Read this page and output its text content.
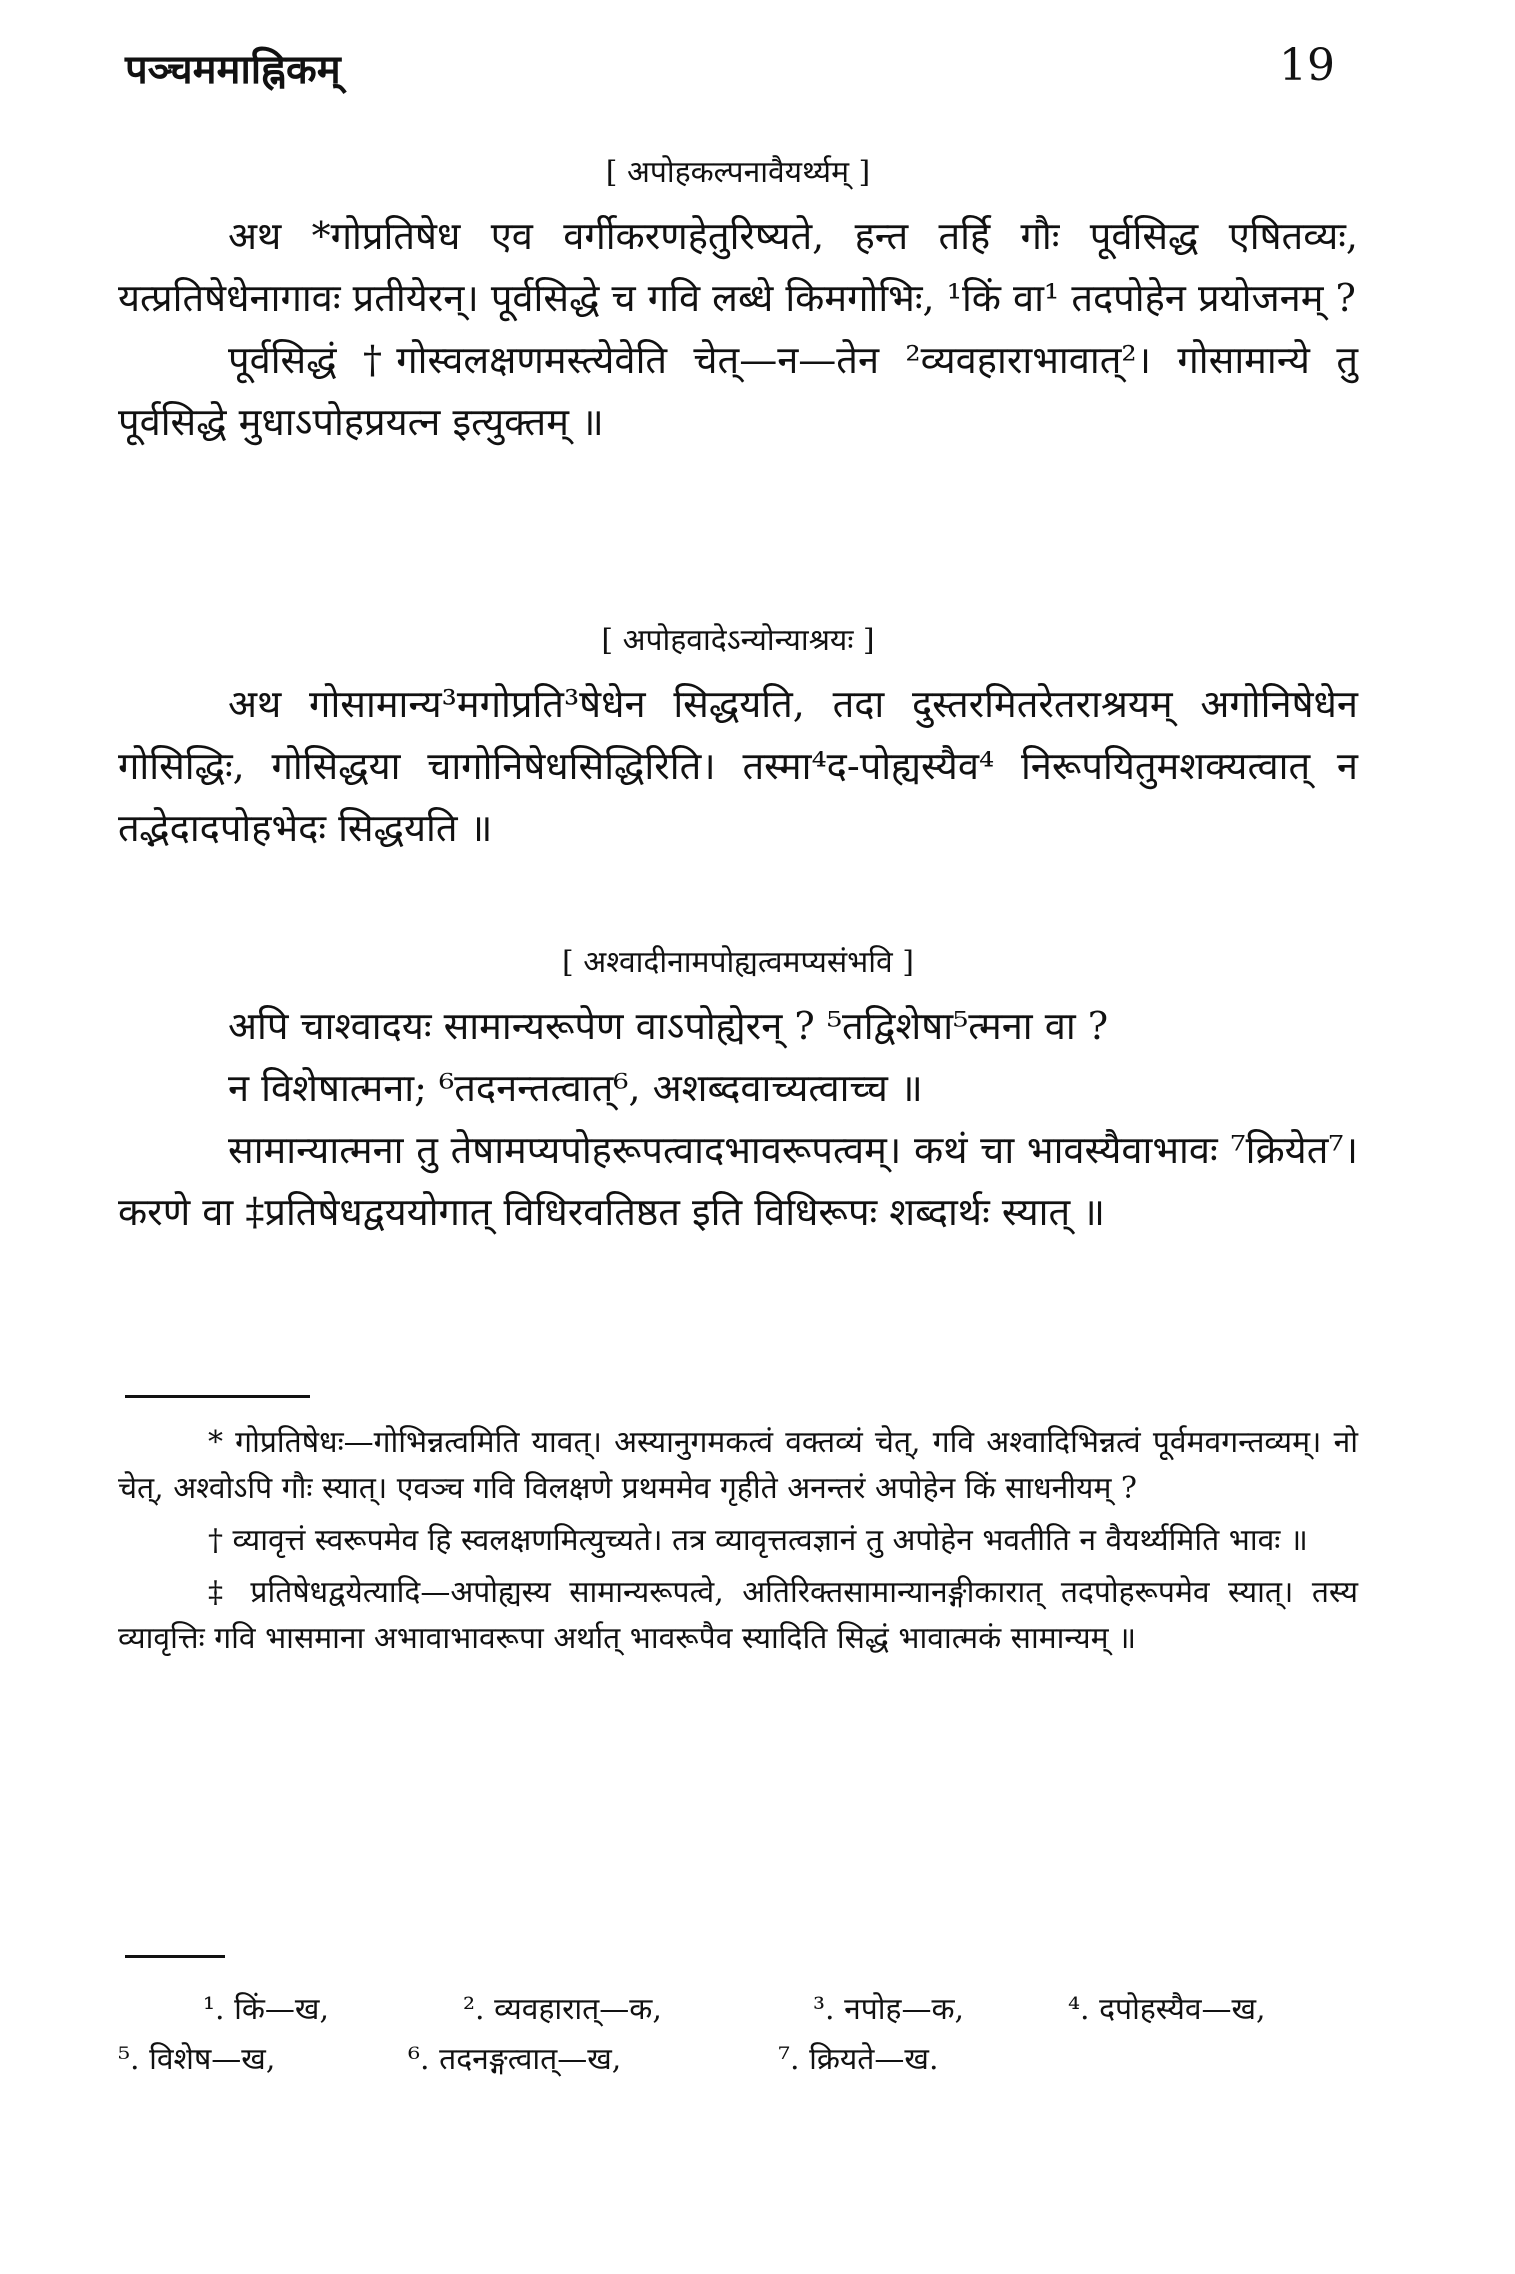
पञ्चममाह्निकम्	19

[ अपोहकल्पनावैयर्थ्यम् ]

अथ *गोप्रतिषेध एव वर्गीकरणहेतुरिष्यते, हन्त तर्हि गौः पूर्वसिद्ध एषितव्यः, यत्प्रतिषेधेनागावः प्रतीयेरन्। पूर्वसिद्धे च गवि लब्धे किमगोभिः, ¹किं वा¹ तदपोहेन प्रयोजनम् ?

पूर्वसिद्धं †गोस्वलक्षणमस्त्येवेति चेत्—न—तेन ²व्यवहाराभावात्²। गोसामान्ये तु पूर्वसिद्धे मुधाऽपोहप्रयत्न इत्युक्तम् ॥

[ अपोहवादेऽन्योन्याश्रयः ]

अथ गोसामान्य³मगोप्रति³षेधेन सिद्धयति, तदा दुस्तरमितरेतराश्रयम् अगोनिषेधेन गोसिद्धिः, गोसिद्धया चागोनिषेधसिद्धिरिति। तस्मा⁴द-पोह्यस्यैव⁴ निरूपयितुमशक्यत्वात् न तद्भेदादपोहभेदः सिद्धयति ॥

[ अश्वादीनामपोह्यत्वमप्यसंभवि ]

अपि चाश्वादयः सामान्यरूपेण वाऽपोह्येरन् ? ⁵तद्विशेषा⁵त्मना वा ?

न विशेषात्मना; ⁶तदनन्तत्वात्⁶, अशब्दवाच्यत्वाच्च ॥

सामान्यात्मना तु तेषामप्यपोहरूपत्वादभावरूपत्वम्। कथं चा भावस्यैवाभावः ⁷क्रियेत⁷। करणे वा ‡प्रतिषेधद्वययोगात् विधिरवतिष्ठत इति विधिरूपः शब्दार्थः स्यात् ॥

* गोप्रतिषेधः—गोभिन्नत्वमिति यावत्। अस्यानुगमकत्वं वक्तव्यं चेत्, गवि अश्वादिभिन्नत्वं पूर्वमवगन्तव्यम्। नो चेत्, अश्वोऽपि गौः स्यात्। एवञ्च गवि विलक्षणे प्रथममेव गृहीते अनन्तरं अपोहेन किं साधनीयम् ?

† व्यावृत्तं स्वरूपमेव हि स्वलक्षणमित्युच्यते। तत्र व्यावृत्तत्वज्ञानं तु अपोहेन भवतीति न वैयर्थ्यमिति भावः ॥

‡ प्रतिषेधद्वयेत्यादि—अपोह्यस्य सामान्यरूपत्वे, अतिरिक्तसामान्यानङ्गीकारात् तदपोहरूपमेव स्यात्। तस्य व्यावृत्तिः गवि भासमाना अभावाभावरूपा अर्थात् भावरूपैव स्यादिति सिद्धं भावात्मकं सामान्यम् ॥

¹. किं—ख,	². व्यवहारात्—क,	³. नपोह—क,	⁴. दपोहस्यैव—ख,
⁵. विशेष—ख,	⁶. तदनङ्गत्वात्—ख,	⁷. क्रियते—ख.
